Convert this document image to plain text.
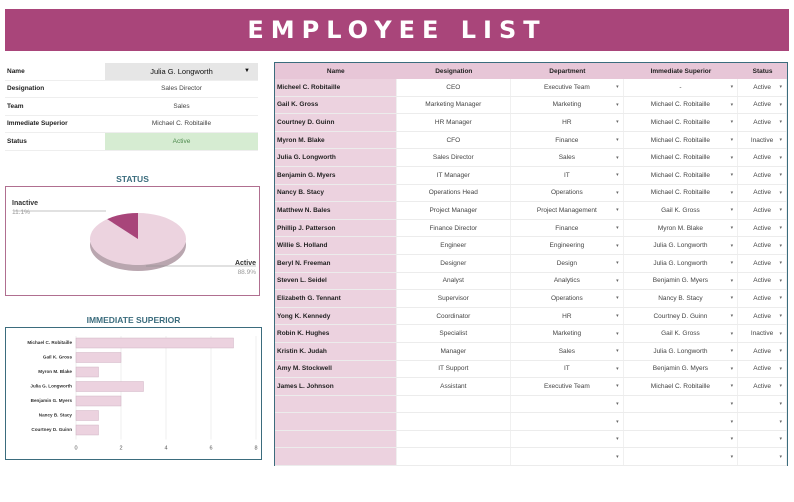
EMPLOYEE LIST
Name	Julia G. Longworth	▼
Designation	Sales Director
Team	Sales
Immediate Superior	Michael C. Robitaille
Status	Active
STATUS
Inactive
11.1%
Active
88.9%
IMMEDIATE SUPERIOR
0	2	4	6	8
Michael C. Robitaille
Gail K. Gross
Myron M. Blake
Julia G. Longworth
Benjamin G. Myers
Nancy B. Stacy
Courtney D. Guinn
Name	Designation	Department	Immediate Superior	Status
Micheel C. Robitaille	CEO	Executive Team	▾	-	▾	Active ▾
Gail K. Gross	Marketing Manager	Marketing	▾	Michael C. Robitaille	▾	Active ▾
Courtney D. Guinn	HR Manager	HR	▾	Michael C. Robitaille	▾	Active ▾
Myron M. Blake	CFO	Finance	▾	Michael C. Robitaille	▾	Inactive ▾
Julia G. Longworth	Sales Director	Sales	▾	Michael C. Robitaille	▾	Active ▾
Benjamin G. Myers	IT Manager	IT	▾	Michael C. Robitaille	▾	Active ▾
Nancy B. Stacy	Operations Head	Operations	▾	Michael C. Robitaille	▾	Active ▾
Matthew N. Bales	Project Manager	Project Management	▾	Gail K. Gross	▾	Active ▾
Phillip J. Patterson	Finance Director	Finance	▾	Myron M. Blake	▾	Active ▾
Willie S. Holland	Engineer	Engineering	▾	Julia G. Longworth	▾	Active ▾
Beryl N. Freeman	Designer	Design	▾	Julia G. Longworth	▾	Active ▾
Steven L. Seidel	Analyst	Analytics	▾	Benjamin G. Myers	▾	Active ▾
Elizabeth G. Tennant	Supervisor	Operations	▾	Nancy B. Stacy	▾	Active ▾
Yong K. Kennedy	Coordinator	HR	▾	Courtney D. Guinn	▾	Active ▾
Robin K. Hughes	Specialist	Marketing	▾	Gail K. Gross	▾	Inactive ▾
Kristin K. Judah	Manager	Sales	▾	Julia G. Longworth	▾	Active ▾
Amy M. Stockwell	IT Support	IT	▾	Benjamin G. Myers	▾	Active ▾
James L. Johnson	Assistant	Executive Team	▾	Michael C. Robitaille	▾	Active ▾
▾	▾	▾
▾	▾	▾
▾	▾	▾
▾	▾	▾
